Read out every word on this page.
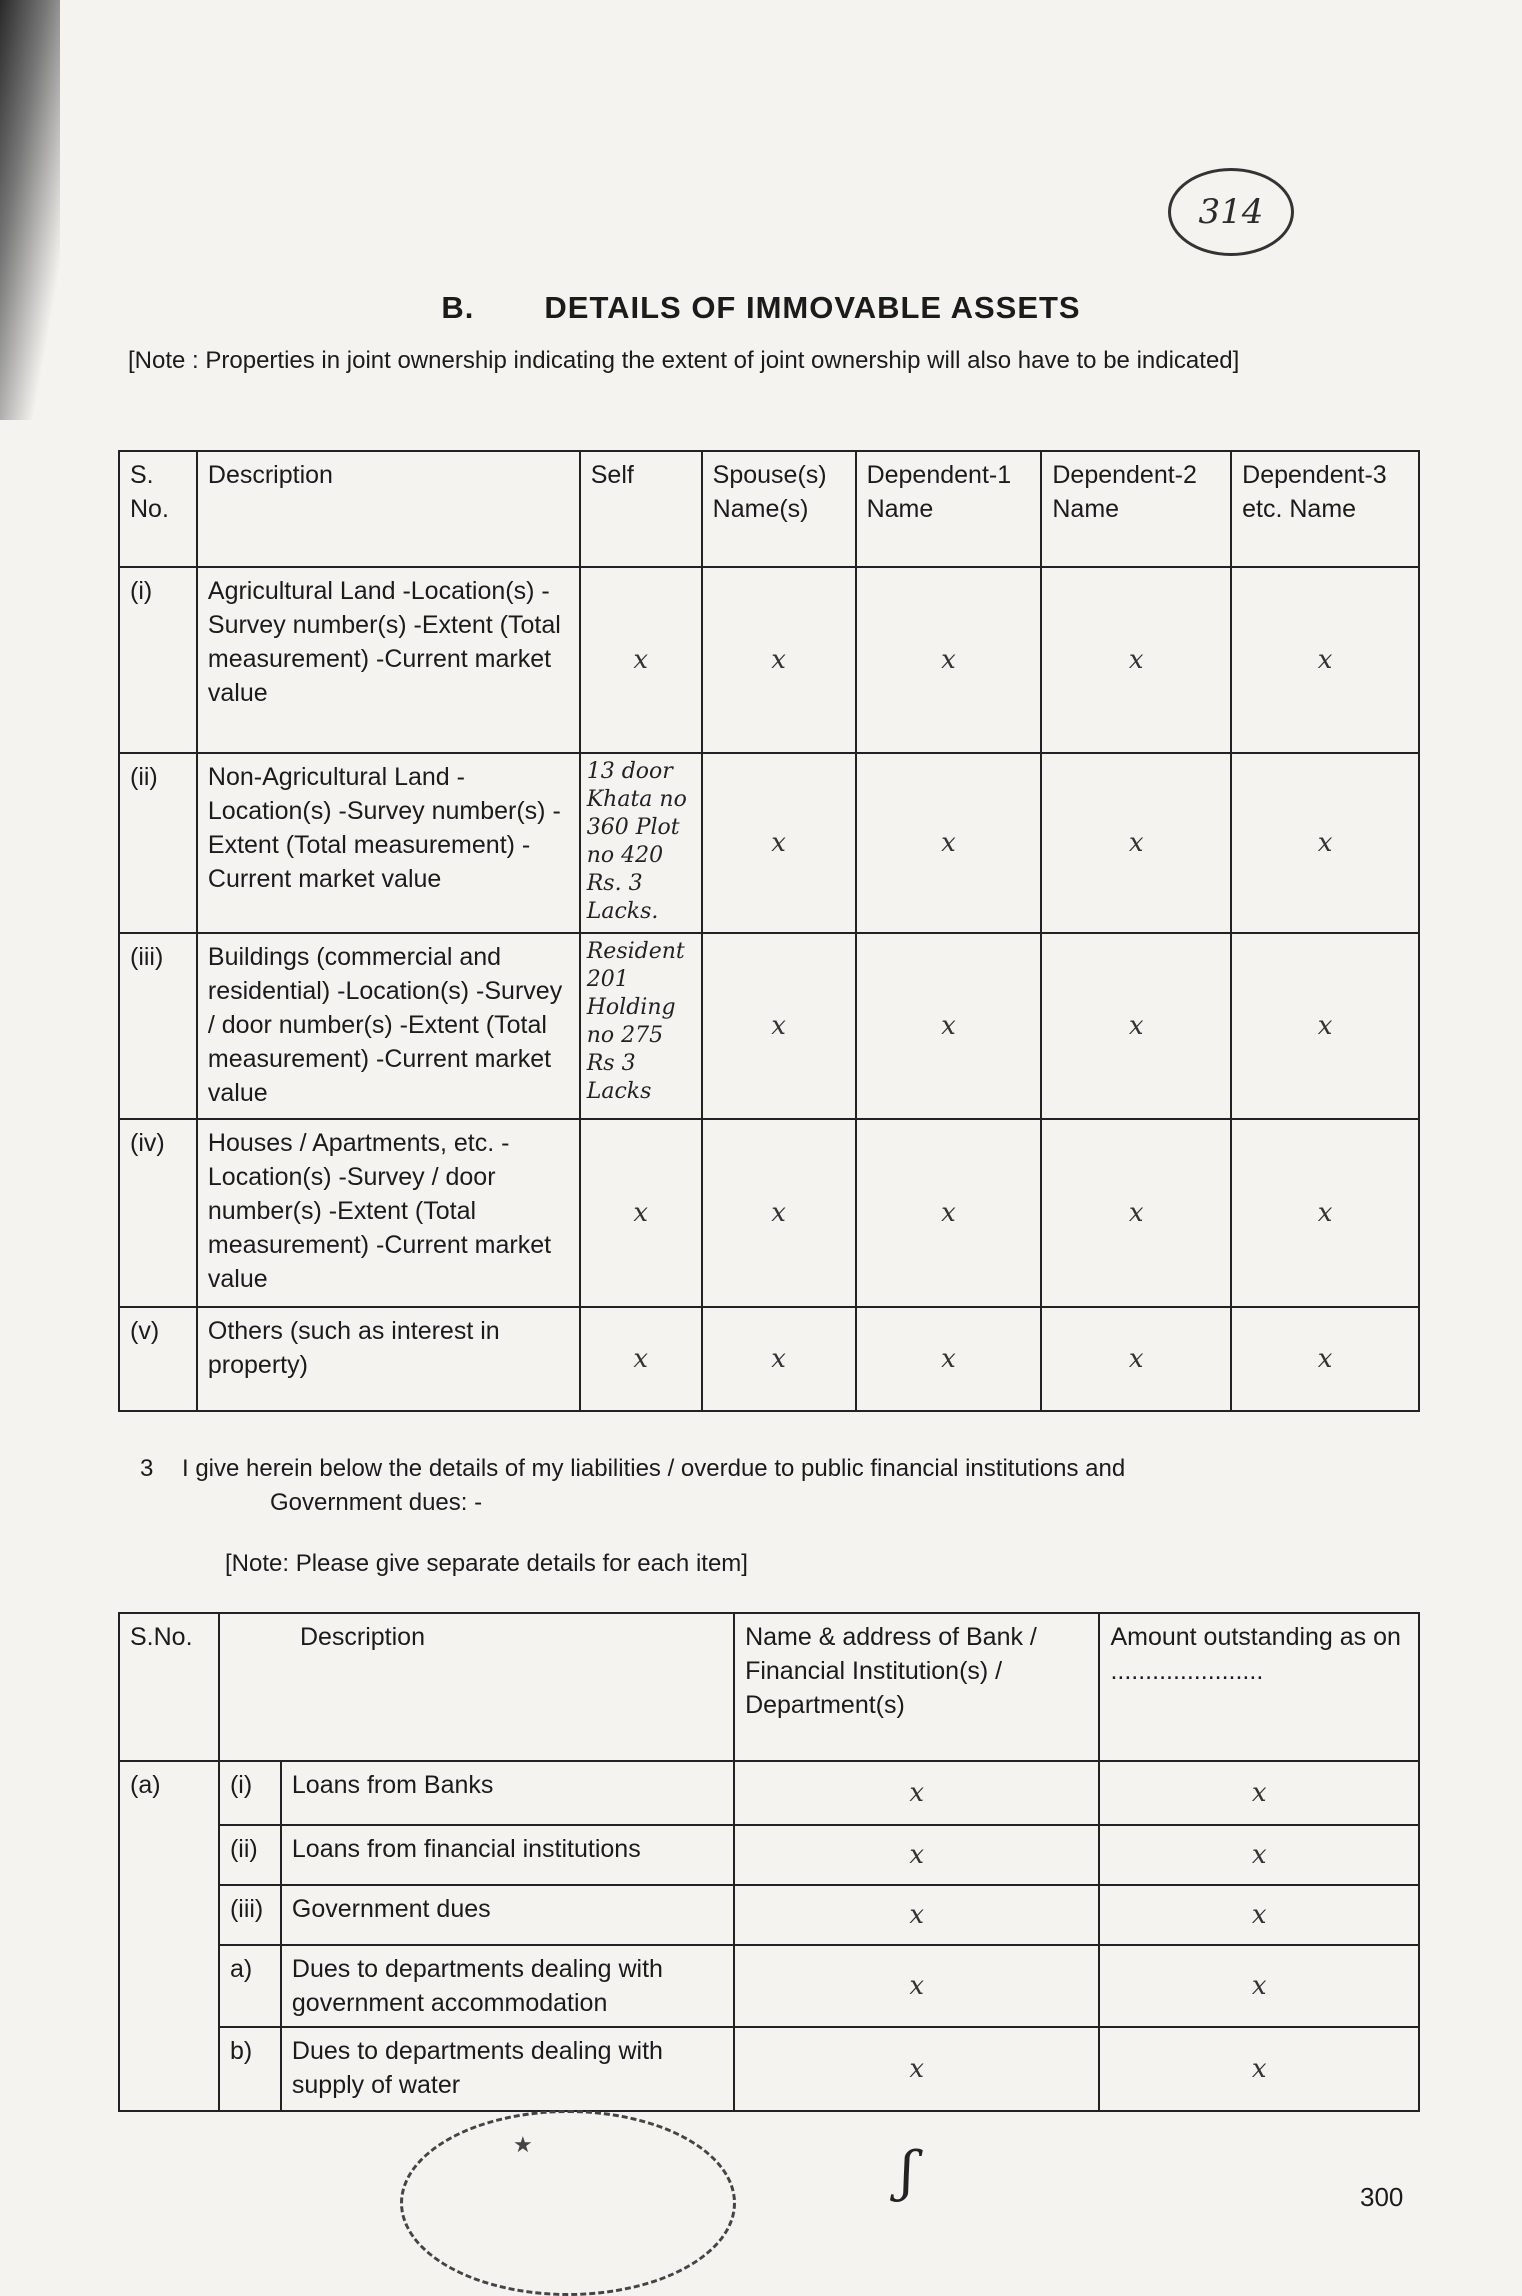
314
B. DETAILS OF IMMOVABLE ASSETS
[Note : Properties in joint ownership indicating the extent of joint ownership will also have to be indicated]
S. No.	Description	Self	Spouse(s) Name(s)	Dependent-1 Name	Dependent-2 Name	Dependent-3 etc. Name
(i)	Agricultural Land -Location(s) -Survey number(s) -Extent (Total measurement) -Current market value	x	x	x	x	x
(ii)	Non-Agricultural Land -Location(s) -Survey number(s) -Extent (Total measurement) -Current market value	13 door Khata no 360 Plot no 420 Rs. 3 Lacks.	x	x	x	x
(iii)	Buildings (commercial and residential) -Location(s) -Survey / door number(s) -Extent (Total measurement) -Current market value	Resident 201 Holding no 275 Rs 3 Lacks	x	x	x	x
(iv)	Houses / Apartments, etc. -Location(s) -Survey / door number(s) -Extent (Total measurement) -Current market value	x	x	x	x	x
(v)	Others (such as interest in property)	x	x	x	x	x
3 I give herein below the details of my liabilities / overdue to public financial institutions and
Government dues: -
[Note: Please give separate details for each item]
S.No.	Description		Name & address of Bank / Financial Institution(s) / Department(s)	Amount outstanding as on ......................
(a)	(i)	Loans from Banks	x	x
	(ii)	Loans from financial institutions	x	x
	(iii)	Government dues	x	x
	a)	Dues to departments dealing with government accommodation	x	x
	b)	Dues to departments dealing with supply of water	x	x
★	ʃ	300
